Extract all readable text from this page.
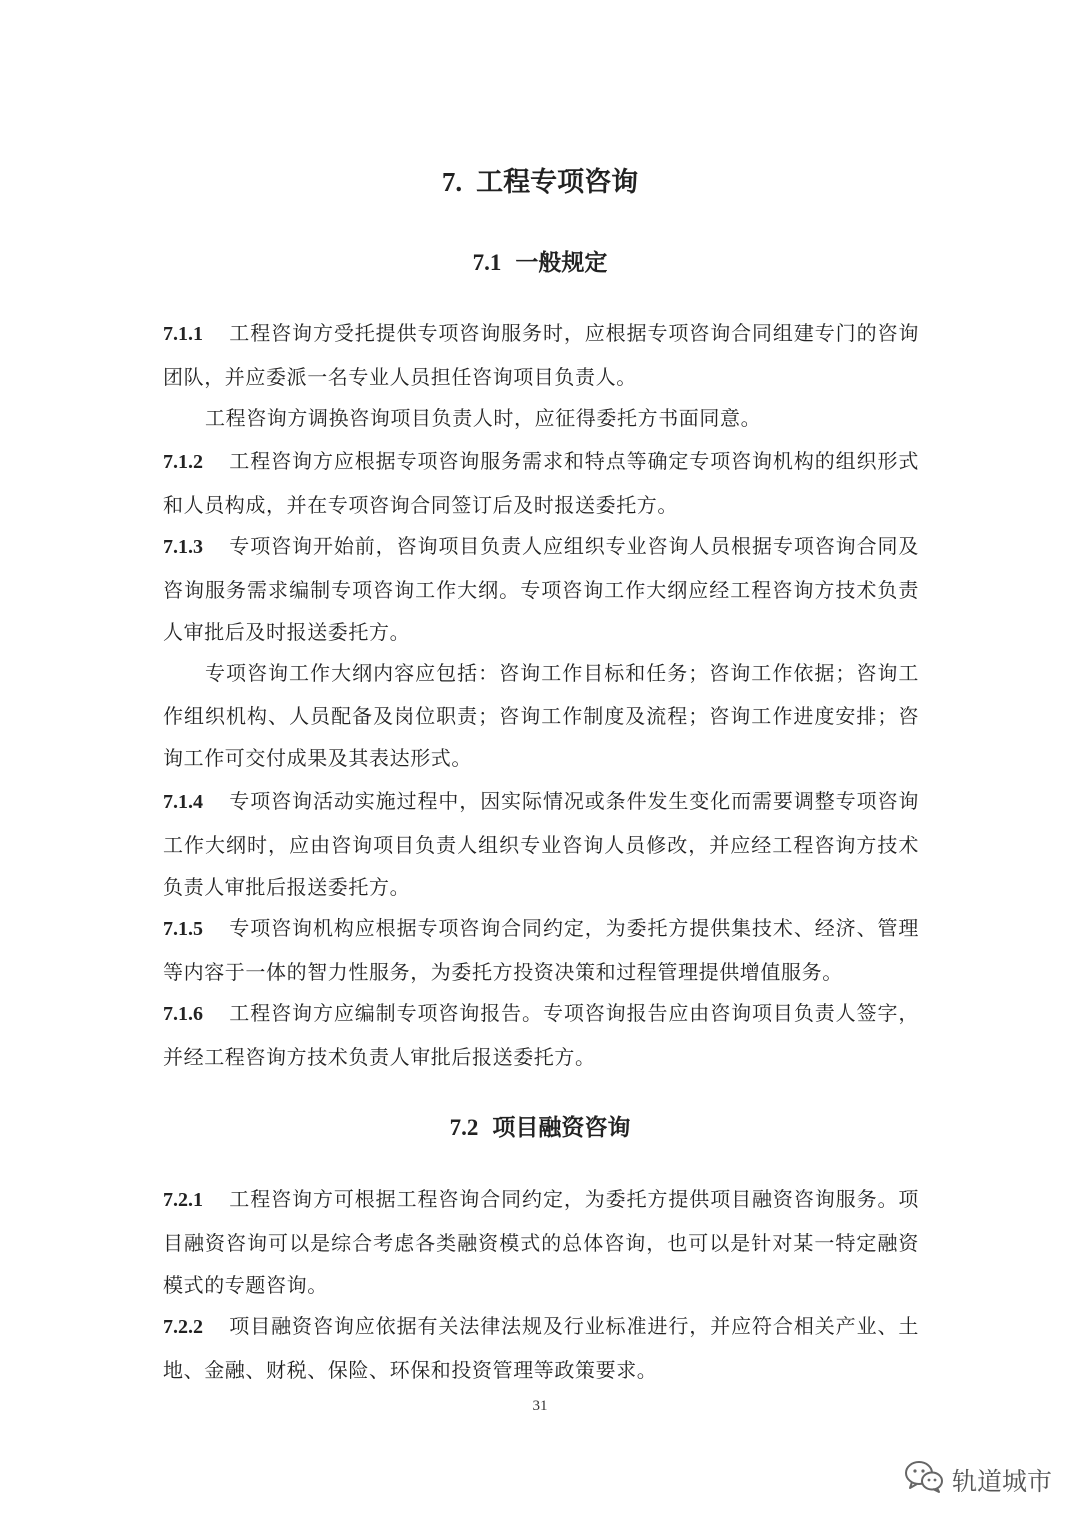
7. 工程专项咨询
7.1 一般规定
7.1.1 工程咨询方受托提供专项咨询服务时，应根据专项咨询合同组建专门的咨询团队，并应委派一名专业人员担任咨询项目负责人。
工程咨询方调换咨询项目负责人时，应征得委托方书面同意。
7.1.2 工程咨询方应根据专项咨询服务需求和特点等确定专项咨询机构的组织形式和人员构成，并在专项咨询合同签订后及时报送委托方。
7.1.3 专项咨询开始前，咨询项目负责人应组织专业咨询人员根据专项咨询合同及咨询服务需求编制专项咨询工作大纲。专项咨询工作大纲应经工程咨询方技术负责人审批后及时报送委托方。
专项咨询工作大纲内容应包括：咨询工作目标和任务；咨询工作依据；咨询工作组织机构、人员配备及岗位职责；咨询工作制度及流程；咨询工作进度安排；咨询工作可交付成果及其表达形式。
7.1.4 专项咨询活动实施过程中，因实际情况或条件发生变化而需要调整专项咨询工作大纲时，应由咨询项目负责人组织专业咨询人员修改，并应经工程咨询方技术负责人审批后报送委托方。
7.1.5 专项咨询机构应根据专项咨询合同约定，为委托方提供集技术、经济、管理等内容于一体的智力性服务，为委托方投资决策和过程管理提供增值服务。
7.1.6 工程咨询方应编制专项咨询报告。专项咨询报告应由咨询项目负责人签字，并经工程咨询方技术负责人审批后报送委托方。
7.2 项目融资咨询
7.2.1 工程咨询方可根据工程咨询合同约定，为委托方提供项目融资咨询服务。项目融资咨询可以是综合考虑各类融资模式的总体咨询，也可以是针对某一特定融资模式的专题咨询。
7.2.2 项目融资咨询应依据有关法律法规及行业标准进行，并应符合相关产业、土地、金融、财税、保险、环保和投资管理等政策要求。
31
轨道城市
